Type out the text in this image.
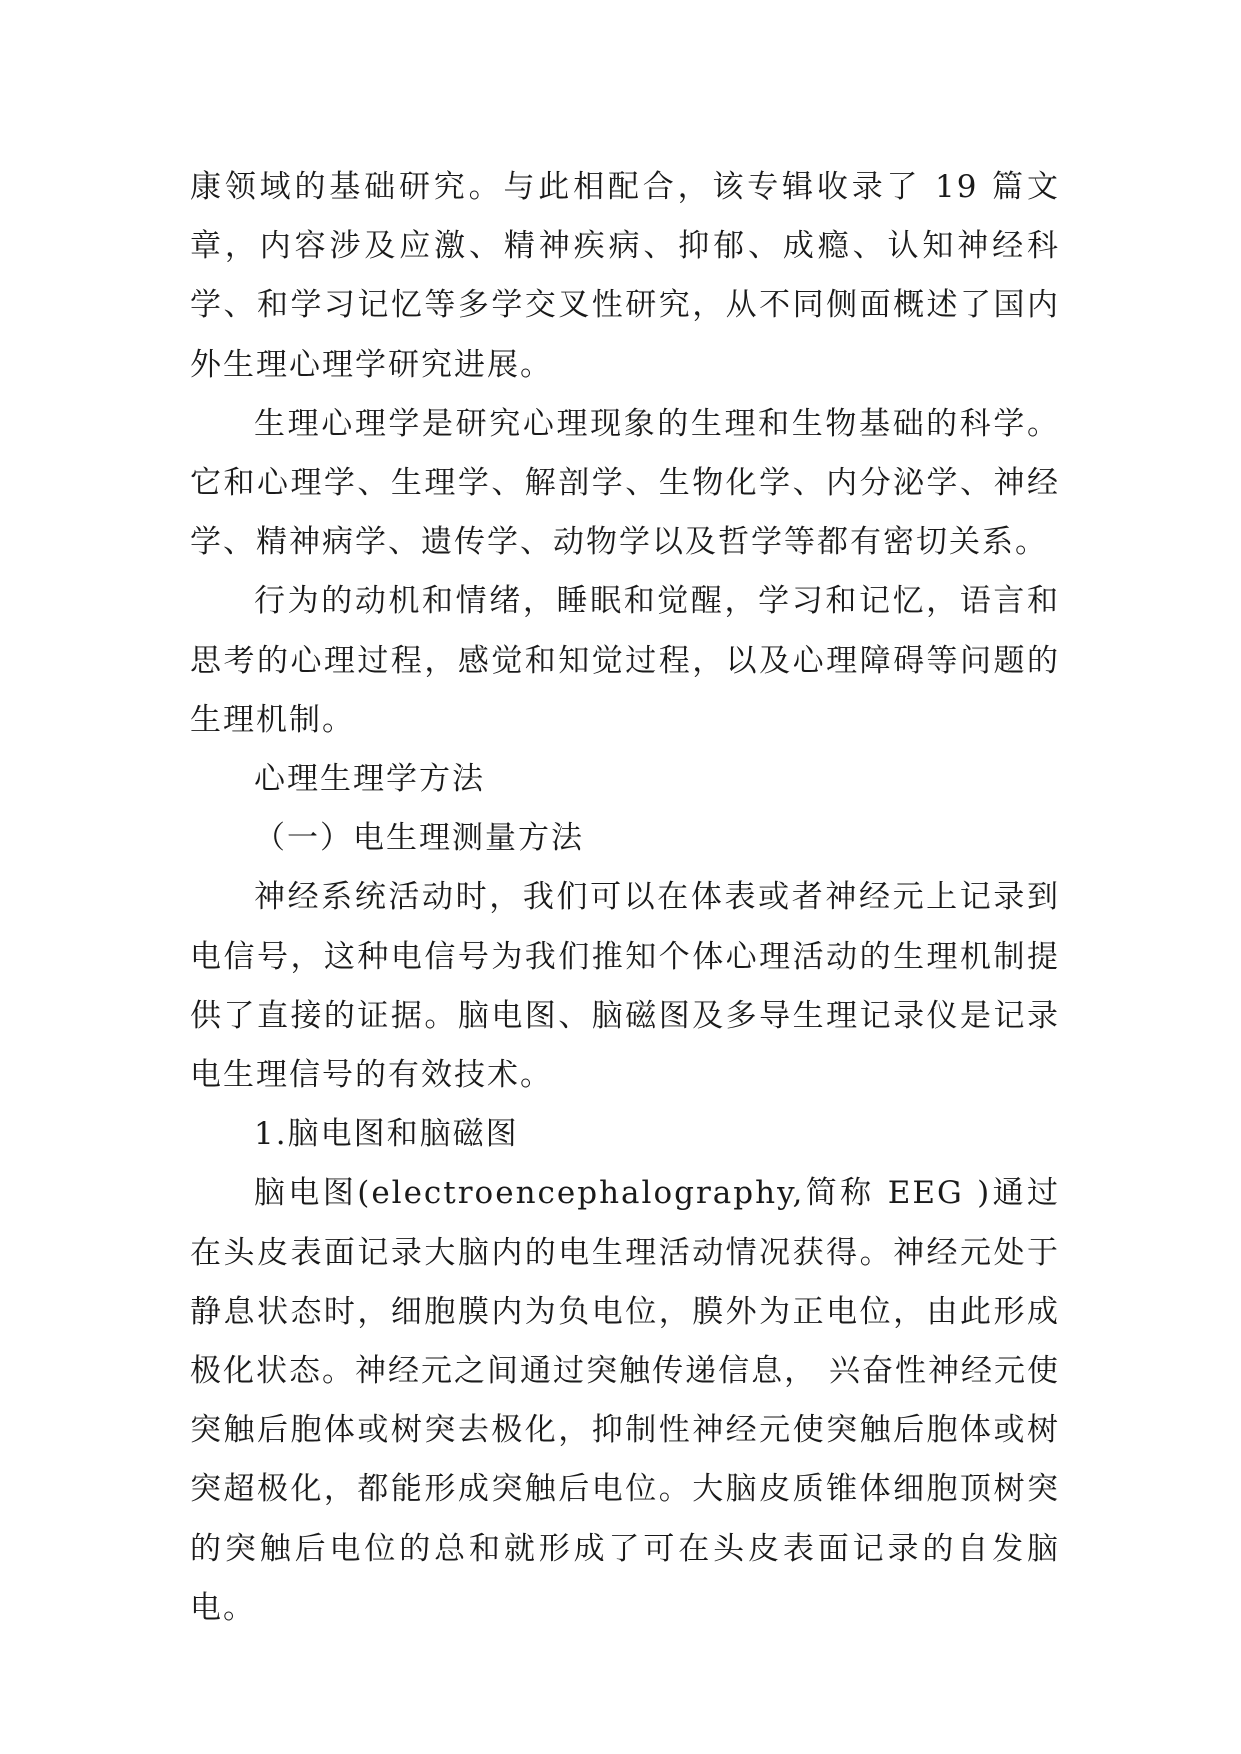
康领域的基础研究。与此相配合，该专辑收录了 19 篇文章，内容涉及应激、精神疾病、抑郁、成瘾、认知神经科学、和学习记忆等多学交叉性研究，从不同侧面概述了国内外生理心理学研究进展。

生理心理学是研究心理现象的生理和生物基础的科学。它和心理学、生理学、解剖学、生物化学、内分泌学、神经学、精神病学、遗传学、动物学以及哲学等都有密切关系。

行为的动机和情绪，睡眠和觉醒，学习和记忆，语言和思考的心理过程，感觉和知觉过程，以及心理障碍等问题的生理机制。

心理生理学方法

（一）电生理测量方法

神经系统活动时，我们可以在体表或者神经元上记录到电信号，这种电信号为我们推知个体心理活动的生理机制提供了直接的证据。脑电图、脑磁图及多导生理记录仪是记录电生理信号的有效技术。

1.脑电图和脑磁图

脑电图(electroencephalography,简称 EEG )通过在头皮表面记录大脑内的电生理活动情况获得。神经元处于静息状态时，细胞膜内为负电位，膜外为正电位，由此形成极化状态。神经元之间通过突触传递信息， 兴奋性神经元使突触后胞体或树突去极化，抑制性神经元使突触后胞体或树突超极化，都能形成突触后电位。大脑皮质锥体细胞顶树突的突触后电位的总和就形成了可在头皮表面记录的自发脑电。
